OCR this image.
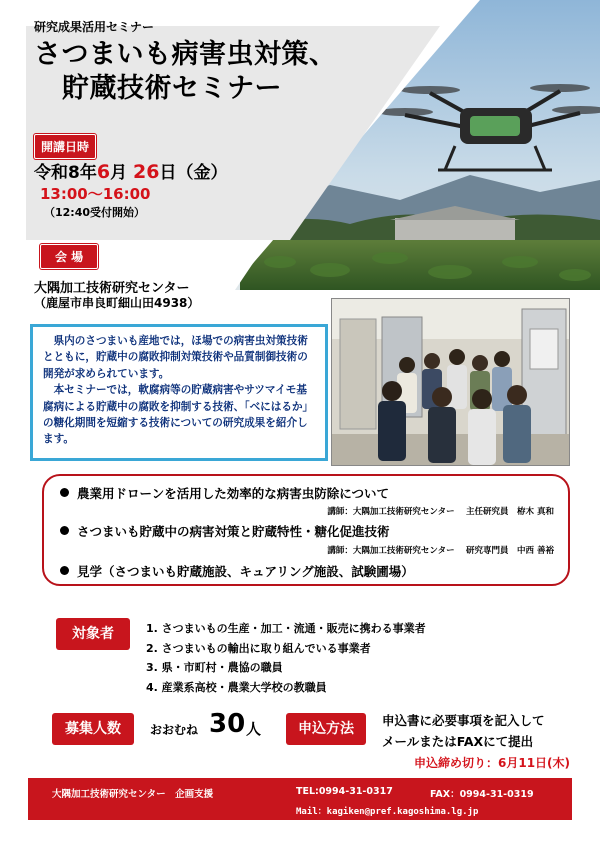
研究成果活用セミナー
さつまいも病害虫対策、
貯蔵技術セミナー
開講日時
令和8年6月 26日（金）
13:00〜16:00
（12:40受付開始）
会 場
大隅加工技術研究センター
（鹿屋市串良町細山田4938）

県内のさつまいも産地では，ほ場での病害虫対策技術とともに，貯蔵中の腐敗抑制対策技術や品質制御技術の開発が求められています。

本セミナーでは，軟腐病等の貯蔵病害やサツマイモ基腐病による貯蔵中の腐敗を抑制する技術、「べにはるか」の糖化期間を短縮する技術についての研究成果を紹介します。

農業用ドローンを活用した効率的な病害虫防除について
講師：大隅加工技術研究センター　 主任研究員　栫木 真和
さつまいも貯蔵中の病害対策と貯蔵特性・糖化促進技術
講師：大隅加工技術研究センター　 研究専門員　中西 善裕
見学（さつまいも貯蔵施設、キュアリング施設、試験圃場）
対象者	1. さつまいもの生産・加工・流通・販売に携わる事業者
2. さつまいもの輸出に取り組んでいる事業者
3. 県・市町村・農協の職員
4. 産業系高校・農業大学校の教職員
募集人数	おおむね 30 人	申込方法
申込書に必要事項を記入して
メールまたはFAXにて提出
申込締め切り：6月11日(木)
大隅加工技術研究センター　企画支援	TEL:0994-31-0317	FAX：0994-31-0319
Mail：kagiken@pref.kagoshima.lg.jp
